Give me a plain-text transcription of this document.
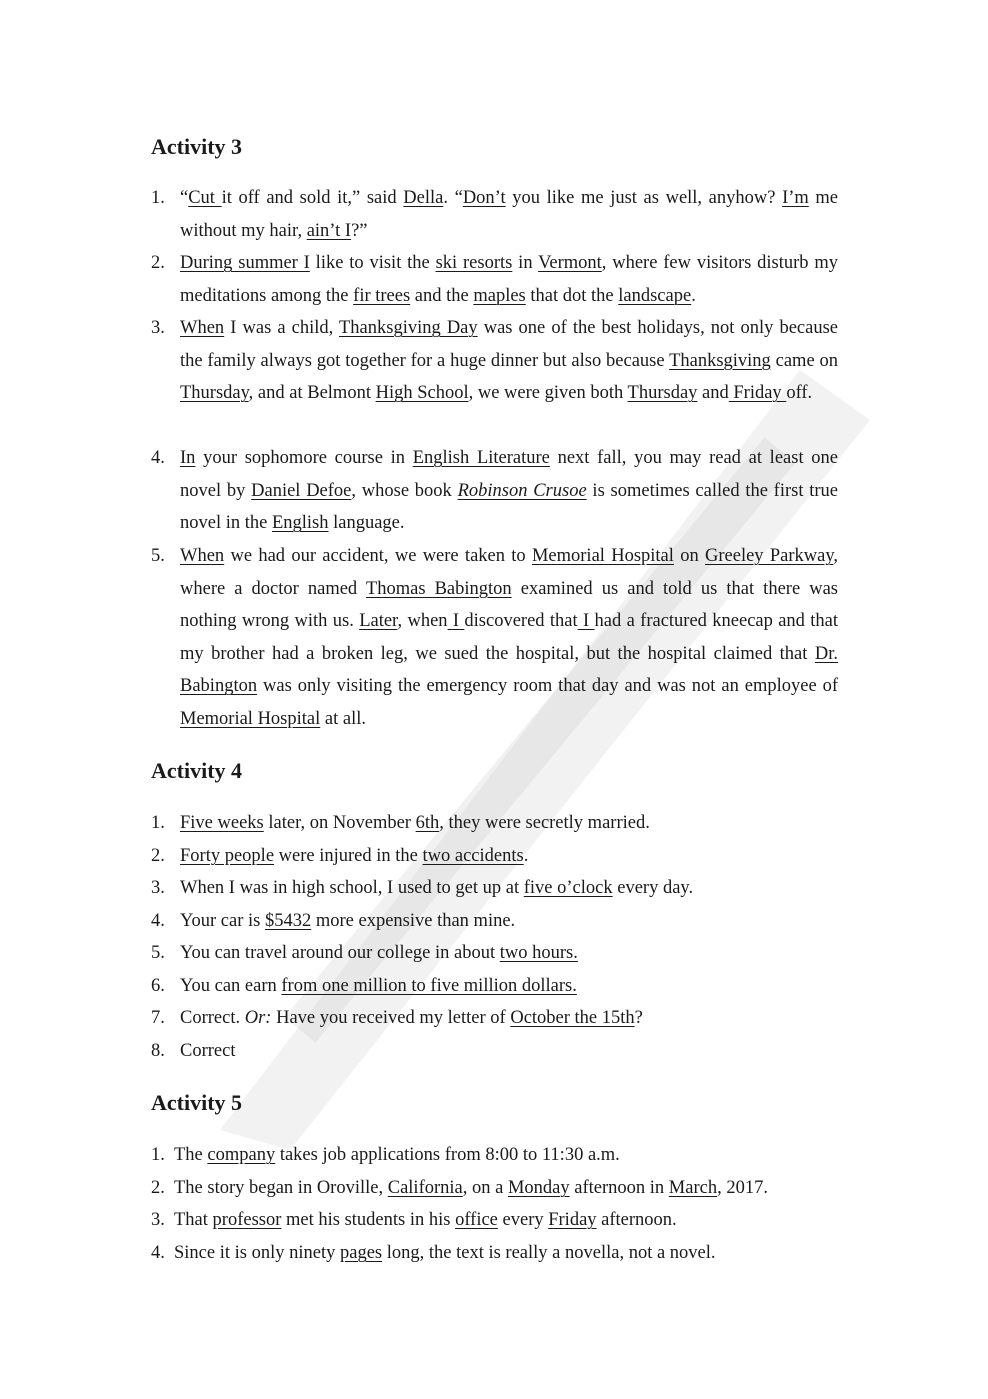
Activity 3
1. “Cut it off and sold it,” said Della. “Don’t you like me just as well, anyhow? I’m me without my hair, ain’t I?”
2. During summer I like to visit the ski resorts in Vermont, where few visitors disturb my meditations among the fir trees and the maples that dot the landscape.
3. When I was a child, Thanksgiving Day was one of the best holidays, not only because the family always got together for a huge dinner but also because Thanksgiving came on Thursday, and at Belmont High School, we were given both Thursday and Friday off.
4. In your sophomore course in English Literature next fall, you may read at least one novel by Daniel Defoe, whose book Robinson Crusoe is sometimes called the first true novel in the English language.
5. When we had our accident, we were taken to Memorial Hospital on Greeley Parkway, where a doctor named Thomas Babington examined us and told us that there was nothing wrong with us. Later, when I discovered that I had a fractured kneecap and that my brother had a broken leg, we sued the hospital, but the hospital claimed that Dr. Babington was only visiting the emergency room that day and was not an employee of Memorial Hospital at all.
Activity 4
1. Five weeks later, on November 6th, they were secretly married.
2. Forty people were injured in the two accidents.
3. When I was in high school, I used to get up at five o’clock every day.
4. Your car is $5432 more expensive than mine.
5. You can travel around our college in about two hours.
6. You can earn from one million to five million dollars.
7. Correct. Or: Have you received my letter of October the 15th?
8. Correct
Activity 5
1. The company takes job applications from 8:00 to 11:30 a.m.
2. The story began in Oroville, California, on a Monday afternoon in March, 2017.
3. That professor met his students in his office every Friday afternoon.
4. Since it is only ninety pages long, the text is really a novella, not a novel.
